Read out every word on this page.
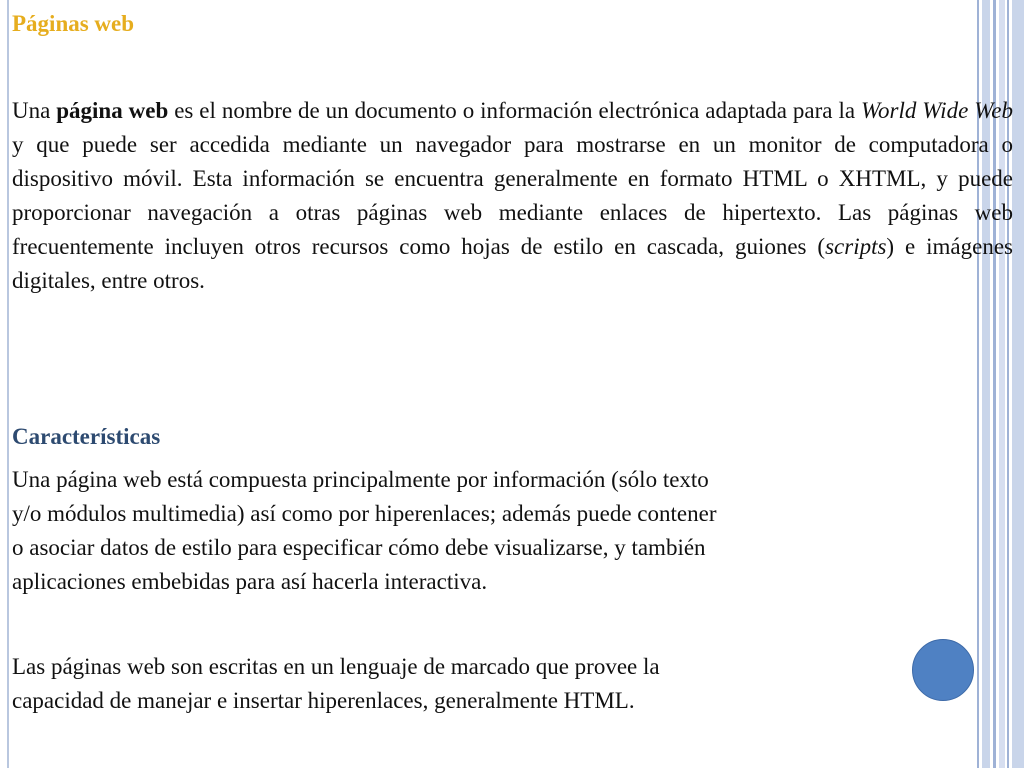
Páginas web

Una página web es el nombre de un documento o información electrónica adaptada para la World Wide Web y que puede ser accedida mediante un navegador para mostrarse en un monitor de computadora o dispositivo móvil. Esta información se encuentra generalmente en formato HTML o XHTML, y puede proporcionar navegación a otras páginas web mediante enlaces de hipertexto. Las páginas web frecuentemente incluyen otros recursos como hojas de estilo en cascada, guiones (scripts) e imágenes digitales, entre otros.

Características

Una página web está compuesta principalmente por información (sólo texto
y/o módulos multimedia) así como por hiperenlaces; además puede contener
o asociar datos de estilo para especificar cómo debe visualizarse, y también
aplicaciones embebidas para así hacerla interactiva.

Las páginas web son escritas en un lenguaje de marcado que provee la
capacidad de manejar e insertar hiperenlaces, generalmente HTML.
